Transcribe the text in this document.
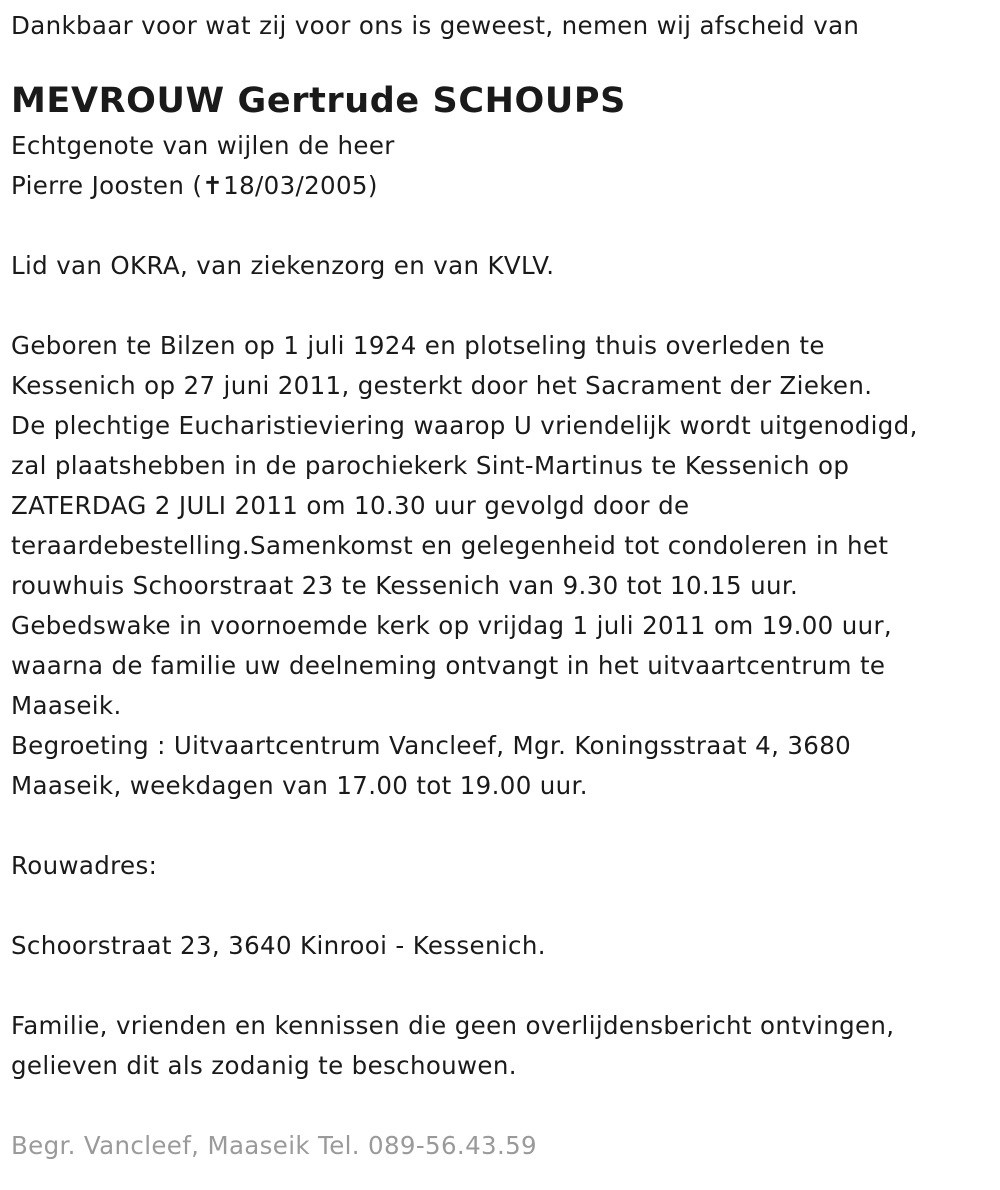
Dankbaar voor wat zij voor ons is geweest, nemen wij afscheid van
MEVROUW Gertrude SCHOUPS
Echtgenote van wijlen de heer
Pierre Joosten (✝18/03/2005)
Lid van OKRA, van ziekenzorg en van KVLV.
Geboren te Bilzen op 1 juli 1924 en plotseling thuis overleden te
Kessenich op 27 juni 2011, gesterkt door het Sacrament der Zieken.
De plechtige Eucharistieviering waarop U vriendelijk wordt uitgenodigd,
zal plaatshebben in de parochiekerk Sint-Martinus te Kessenich op
ZATERDAG 2 JULI 2011 om 10.30 uur gevolgd door de
teraardebestelling.Samenkomst en gelegenheid tot condoleren in het
rouwhuis Schoorstraat 23 te Kessenich van 9.30 tot 10.15 uur.
Gebedswake in voornoemde kerk op vrijdag 1 juli 2011 om 19.00 uur,
waarna de familie uw deelneming ontvangt in het uitvaartcentrum te
Maaseik.
Begroeting : Uitvaartcentrum Vancleef, Mgr. Koningsstraat 4, 3680
Maaseik, weekdagen van 17.00 tot 19.00 uur.
Rouwadres:
Schoorstraat 23, 3640 Kinrooi - Kessenich.
Familie, vrienden en kennissen die geen overlijdensbericht ontvingen,
gelieven dit als zodanig te beschouwen.
Begr. Vancleef, Maaseik Tel. 089-56.43.59
